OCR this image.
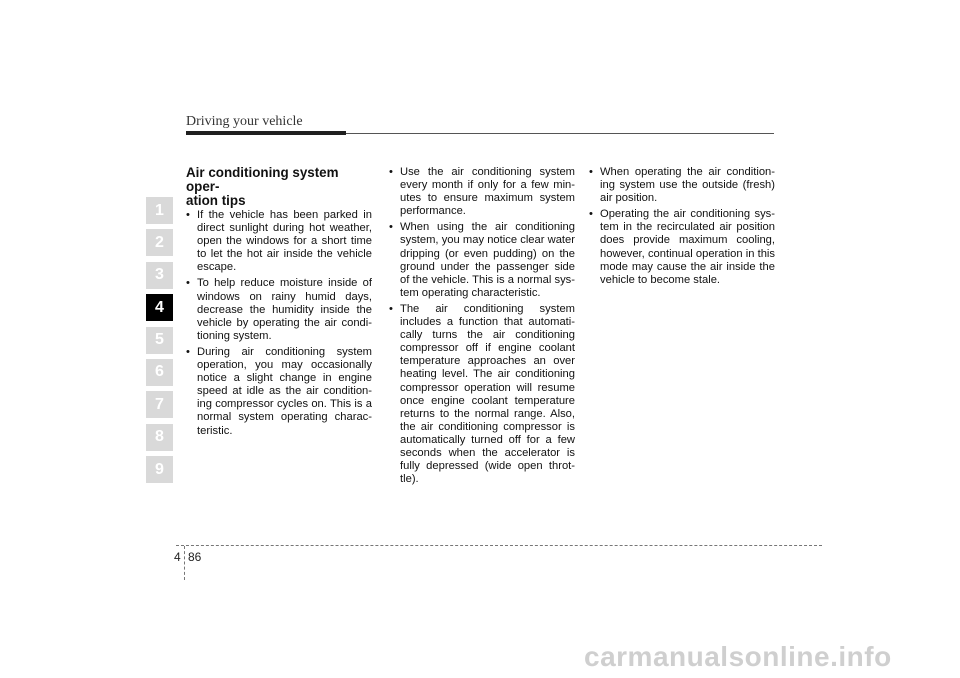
Driving your vehicle
1
2
3
4
5
6
7
8
9
Air conditioning system oper-
ation tips
• If the vehicle has been parked in direct sunlight during hot weather, open the windows for a short time to let the hot air inside the vehicle escape.
• To help reduce moisture inside of windows on rainy humid days, decrease the humidity inside the vehicle by operating the air condi-tioning system.
• During air conditioning system operation, you may occasionally notice a slight change in engine speed at idle as the air condition-ing compressor cycles on. This is a normal system operating charac-teristic.
• Use the air conditioning system every month if only for a few min-utes to ensure maximum system performance.
• When using the air conditioning system, you may notice clear water dripping (or even pudding) on the ground under the passenger side of the vehicle. This is a normal sys-tem operating characteristic.
• The air conditioning system includes a function that automati-cally turns the air conditioning compressor off if engine coolant temperature approaches an over heating level. The air conditioning compressor operation will resume once engine coolant temperature returns to the normal range. Also, the air conditioning compressor is automatically turned off for a few seconds when the accelerator is fully depressed (wide open throt-tle).
• When operating the air condition-ing system use the outside (fresh) air position.
• Operating the air conditioning sys-tem in the recirculated air position does provide maximum cooling, however, continual operation in this mode may cause the air inside the vehicle to become stale.
4 86
carmanualsonline.info
